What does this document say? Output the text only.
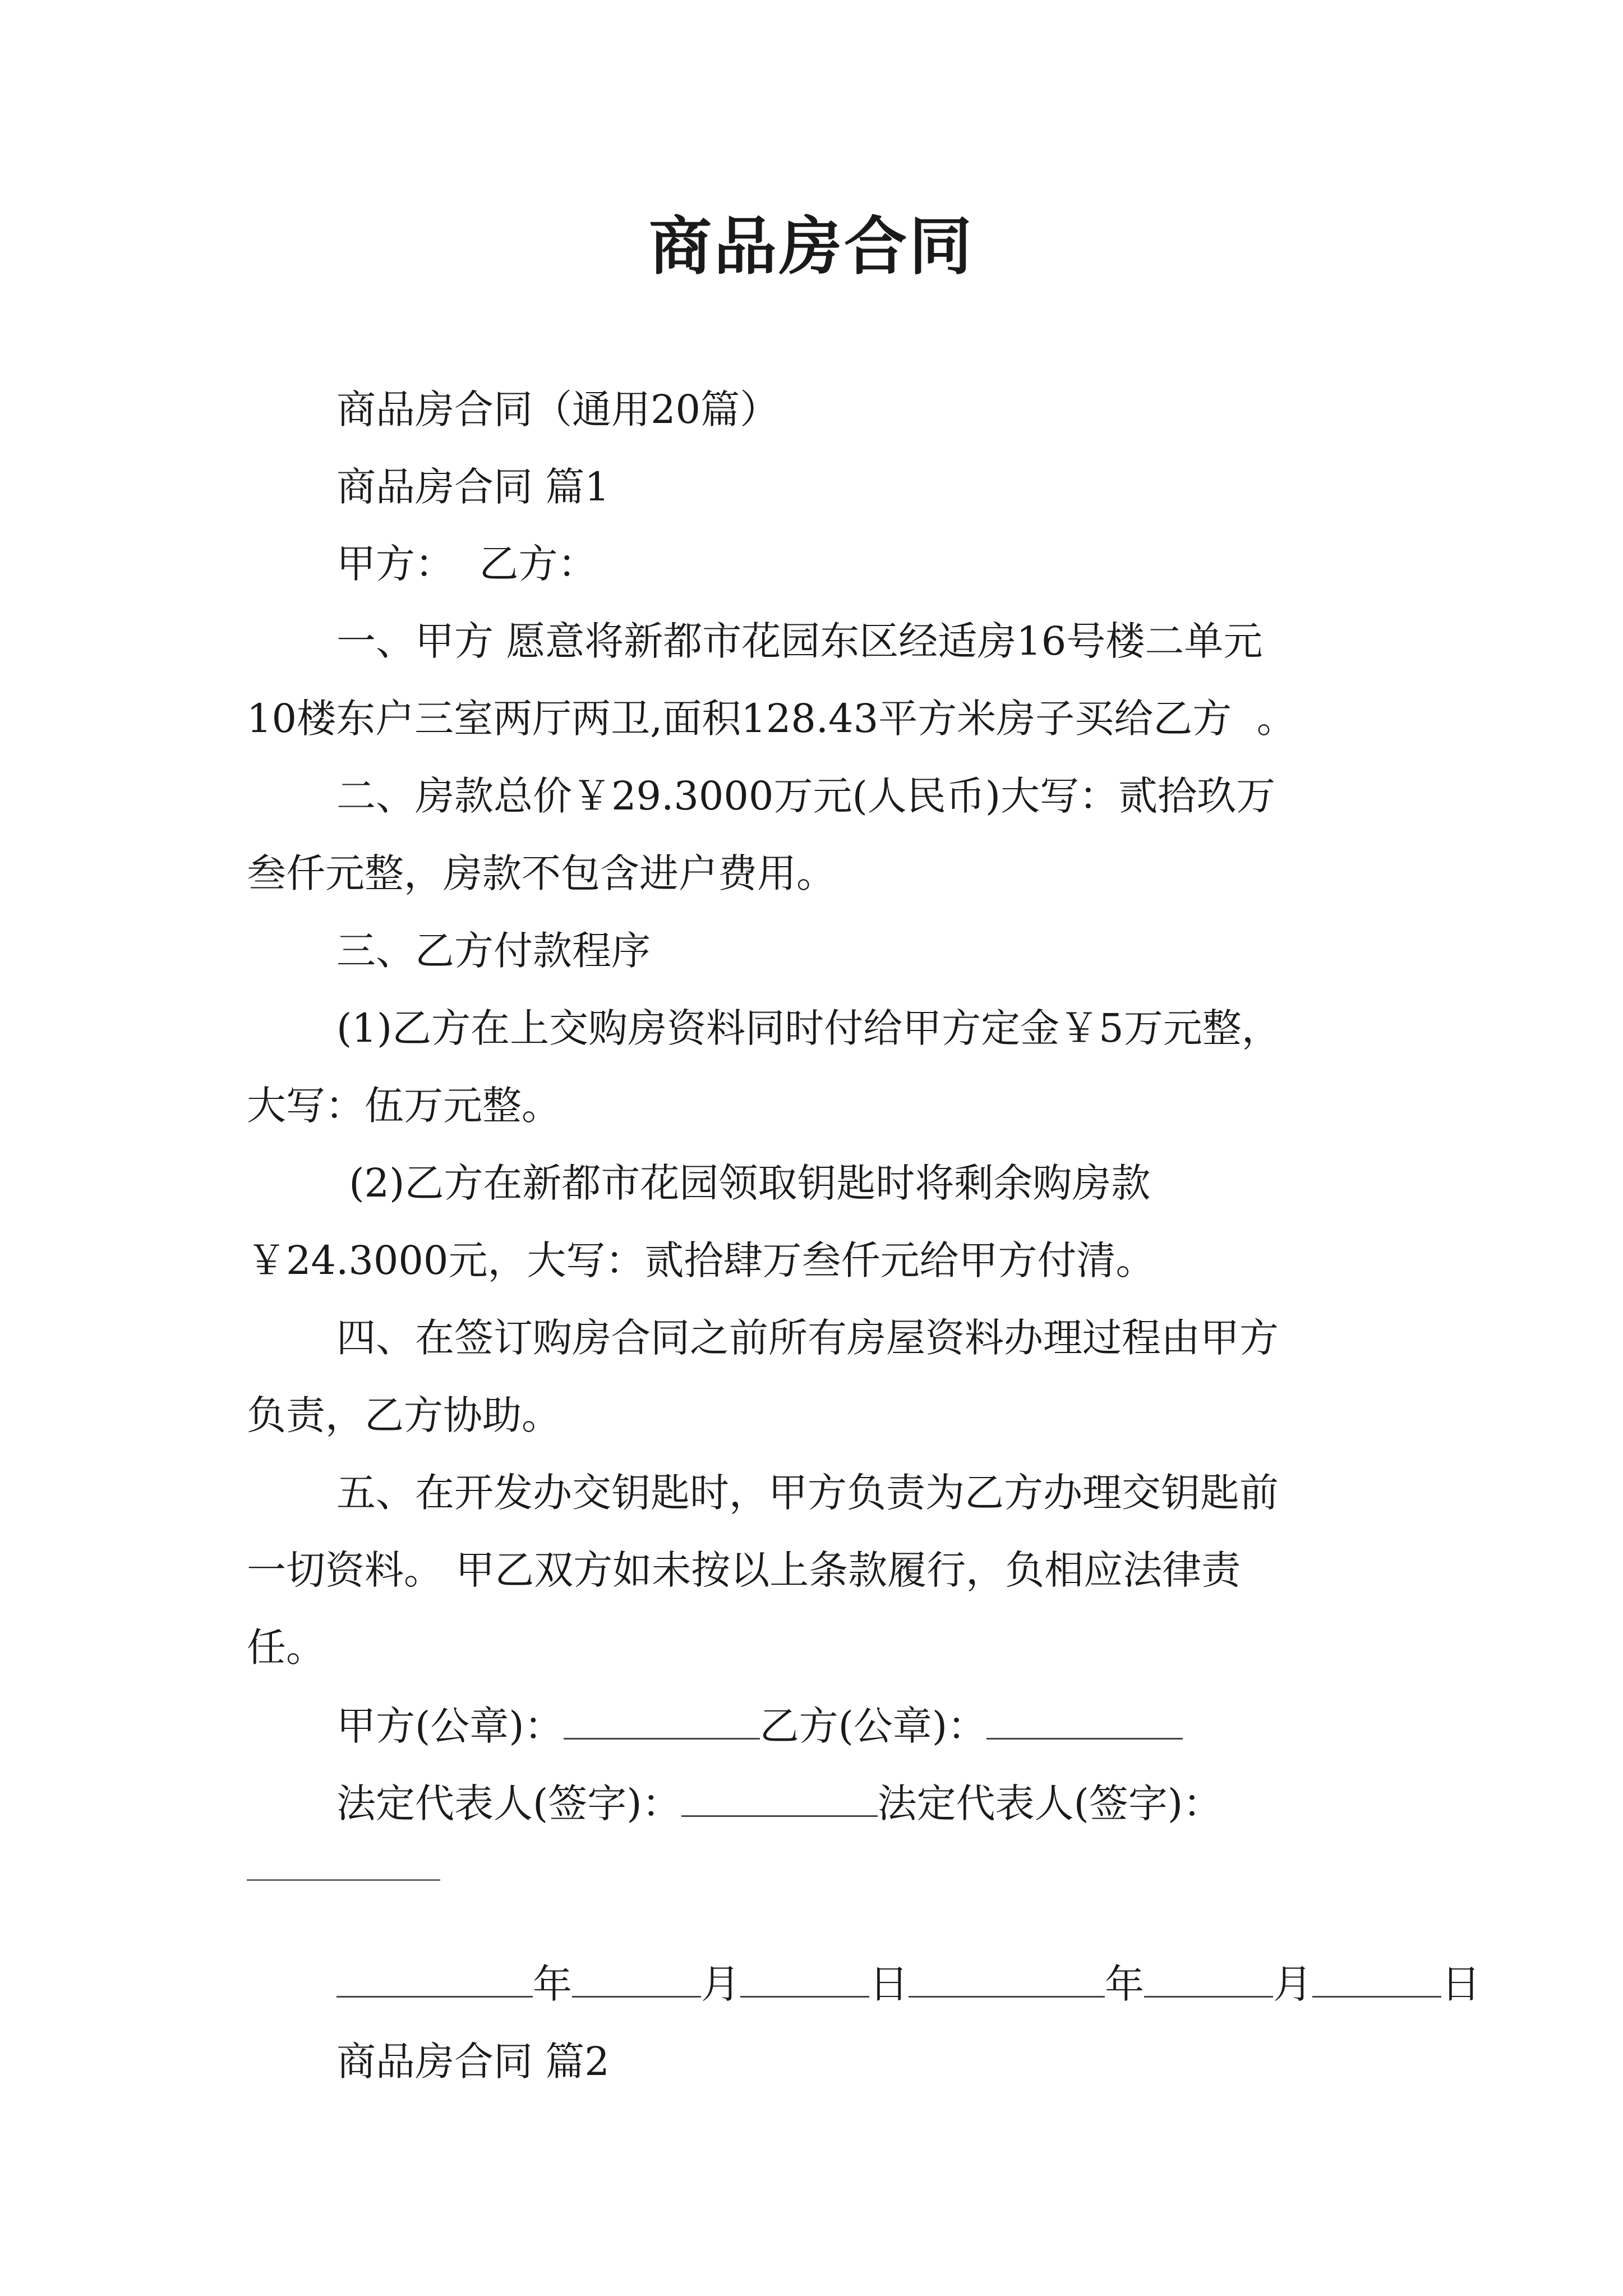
商品房合同
商品房合同（通用20篇）
商品房合同 篇1
甲方：  乙方：
一、甲方 愿意将新都市花园东区经适房16号楼二单元
10楼东户三室两厅两卫,面积128.43平方米房子买给乙方  。
二、房款总价￥29.3000万元(人民币)大写：贰拾玖万
叁仟元整，房款不包含进户费用。
三、乙方付款程序
(1)乙方在上交购房资料同时付给甲方定金￥5万元整，
大写：伍万元整。
(2)乙方在新都市花园领取钥匙时将剩余购房款
￥24.3000元，大写：贰拾肆万叁仟元给甲方付清。
四、在签订购房合同之前所有房屋资料办理过程由甲方
负责，乙方协助。
五、在开发办交钥匙时，甲方负责为乙方办理交钥匙前
一切资料。 甲乙双方如未按以上条款履行，负相应法律责
任。
甲方(公章)：	乙方(公章)：
法定代表人(签字)：	法定代表人(签字)：
年	月	日	年	月	日
商品房合同 篇2
